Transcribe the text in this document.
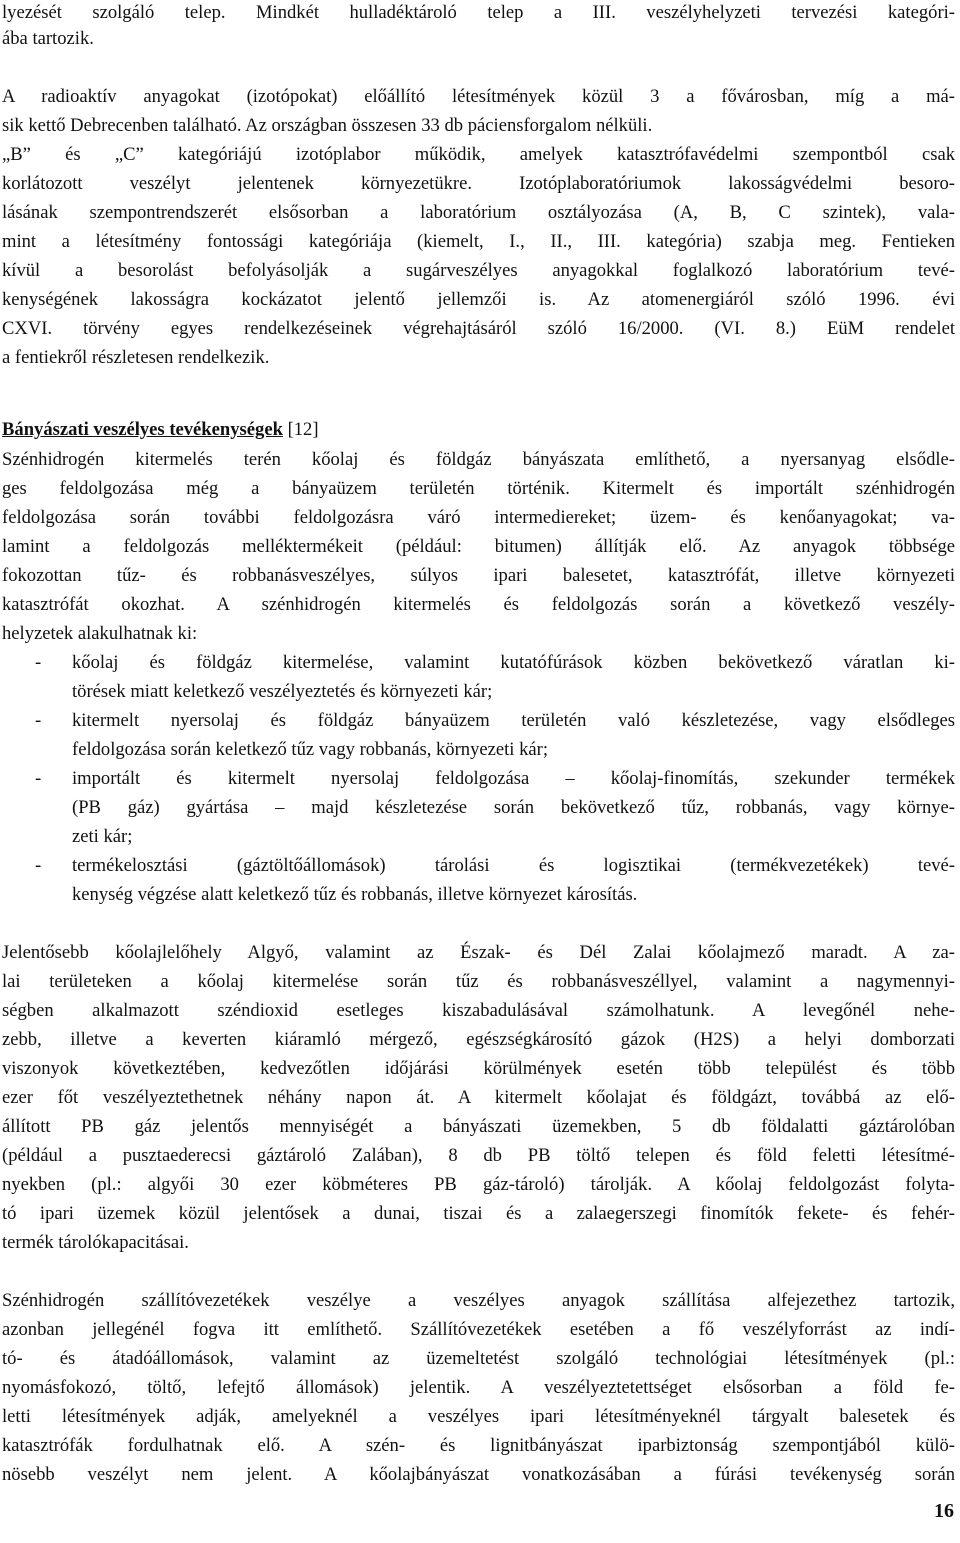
lyezését szolgáló telep. Mindkét hulladéktároló telep a III. veszélyhelyzeti tervezési kategóri-
ába tartozik.
A radioaktív anyagokat (izotópokat) előállító létesítmények közül 3 a fővárosban, míg a má-
sik kettő Debrecenben található. Az országban összesen 33 db páciensforgalom nélküli.
„B” és „C” kategóriájú izotóplabor működik, amelyek katasztrófavédelmi szempontból csak
korlátozott veszélyt jelentenek környezetükre. Izotóplaboratóriumok lakosságvédelmi besoro-
lásának szempontrendszerét elsősorban a laboratórium osztályozása (A, B, C szintek), vala-
mint a létesítmény fontossági kategóriája (kiemelt, I., II., III. kategória) szabja meg. Fentieken
kívül a besorolást befolyásolják a sugárveszélyes anyagokkal foglalkozó laboratórium tevé-
kenységének lakosságra kockázatot jelentő jellemzői is. Az atomenergiáról szóló 1996. évi
CXVI. törvény egyes rendelkezéseinek végrehajtásáról szóló 16/2000. (VI. 8.) EüM rendelet
a fentiekről részletesen rendelkezik.
Bányászati veszélyes tevékenységek [12]
Szénhidrogén kitermelés terén kőolaj és földgáz bányászata említhető, a nyersanyag elsődle-
ges feldolgozása még a bányaüzem területén történik. Kitermelt és importált szénhidrogén
feldolgozása során további feldolgozásra váró intermediereket; üzem- és kenőanyagokat; va-
lamint a feldolgozás melléktermékeit (például: bitumen) állítják elő. Az anyagok többsége
fokozottan tűz- és robbanásveszélyes, súlyos ipari balesetet, katasztrófát, illetve környezeti
katasztrófát okozhat. A szénhidrogén kitermelés és feldolgozás során a következő veszély-
helyzetek alakulhatnak ki:
- kőolaj és földgáz kitermelése, valamint kutatófúrások közben bekövetkező váratlan ki-
törések miatt keletkező veszélyeztetés és környezeti kár;
- kitermelt nyersolaj és földgáz bányaüzem területén való készletezése, vagy elsődleges
feldolgozása során keletkező tűz vagy robbanás, környezeti kár;
- importált és kitermelt nyersolaj feldolgozása – kőolaj-finomítás, szekunder termékek
(PB gáz) gyártása – majd készletezése során bekövetkező tűz, robbanás, vagy környe-
zeti kár;
- termékelosztási (gáztöltőállomások) tárolási és logisztikai (termékvezetékek) tevé-
kenység végzése alatt keletkező tűz és robbanás, illetve környezet károsítás.
Jelentősebb kőolajlelőhely Algyő, valamint az Észak- és Dél Zalai kőolajmező maradt. A za-
lai területeken a kőolaj kitermelése során tűz és robbanásveszéllyel, valamint a nagymennyi-
ségben alkalmazott széndioxid esetleges kiszabadulásával számolhatunk. A levegőnél nehe-
zebb, illetve a keverten kiáramló mérgező, egészségkárosító gázok (H2S) a helyi domborzati
viszonyok következtében, kedvezőtlen időjárási körülmények esetén több települést és több
ezer főt veszélyeztethetnek néhány napon át. A kitermelt kőolajat és földgázt, továbbá az elő-
állított PB gáz jelentős mennyiségét a bányászati üzemekben, 5 db földalatti gáztárolóban
(például a pusztaederecsi gáztároló Zalában), 8 db PB töltő telepen és föld feletti létesítmé-
nyekben (pl.: algyői 30 ezer köbméteres PB gáz-tároló) tárolják. A kőolaj feldolgozást folyta-
tó ipari üzemek közül jelentősek a dunai, tiszai és a zalaegerszegi finomítók fekete- és fehér-
termék tárolókapacitásai.
Szénhidrogén szállítóvezetékek veszélye a veszélyes anyagok szállítása alfejezethez tartozik,
azonban jellegénél fogva itt említhető. Szállítóvezetékek esetében a fő veszélyforrást az indí-
tó- és átadóállomások, valamint az üzemeltetést szolgáló technológiai létesítmények (pl.:
nyomásfokozó, töltő, lefejtő állomások) jelentik. A veszélyeztetettséget elsősorban a föld fe-
letti létesítmények adják, amelyeknél a veszélyes ipari létesítményeknél tárgyalt balesetek és
katasztrófák fordulhatnak elő. A szén- és lignitbányászat iparbiztonság szempontjából külö-
nösebb veszélyt nem jelent. A kőolajbányászat vonatkozásában a fúrási tevékenység során
16
